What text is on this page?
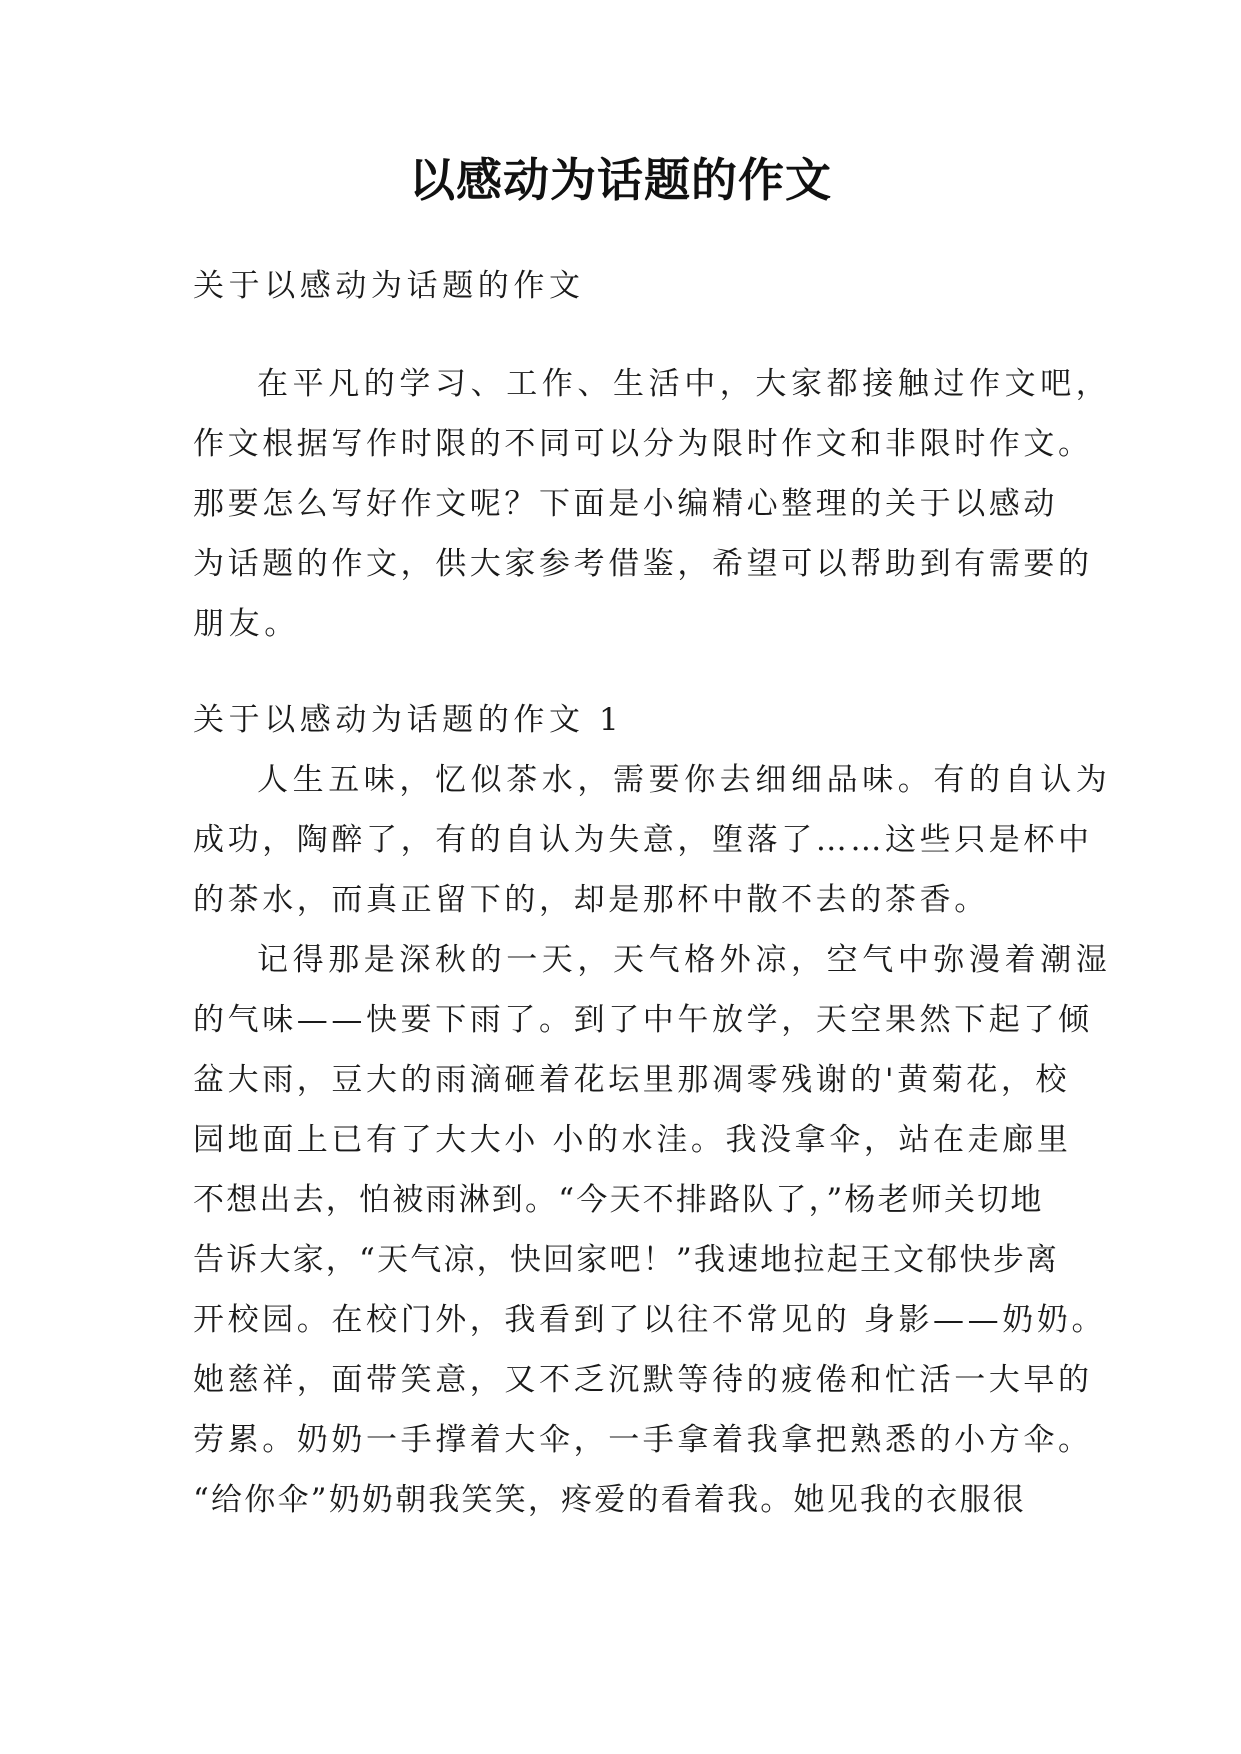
以感动为话题的作文
关于以感动为话题的作文
在平凡的学习、工作、生活中，大家都接触过作文吧，
作文根据写作时限的不同可以分为限时作文和非限时作文。
那要怎么写好作文呢？下面是小编精心整理的关于以感动
为话题的作文，供大家参考借鉴，希望可以帮助到有需要的
朋友。
关于以感动为话题的作文 1
人生五味，忆似茶水，需要你去细细品味。有的自认为
成功，陶醉了，有的自认为失意，堕落了……这些只是杯中
的茶水，而真正留下的，却是那杯中散不去的茶香。
记得那是深秋的一天，天气格外凉，空气中弥漫着潮湿
的气味——快要下雨了。到了中午放学，天空果然下起了倾
盆大雨，豆大的雨滴砸着花坛里那凋零残谢的'黄菊花，校
园地面上已有了大大小 小的水洼。我没拿伞，站在走廊里
不想出去，怕被雨淋到。“今天不排路队了，”杨老师关切地
告诉大家，“天气凉，快回家吧！”我速地拉起王文郁快步离
开校园。在校门外，我看到了以往不常见的 身影——奶奶。
她慈祥，面带笑意，又不乏沉默等待的疲倦和忙活一大早的
劳累。奶奶一手撑着大伞，一手拿着我拿把熟悉的小方伞。
“给你伞”奶奶朝我笑笑，疼爱的看着我。她见我的衣服很
